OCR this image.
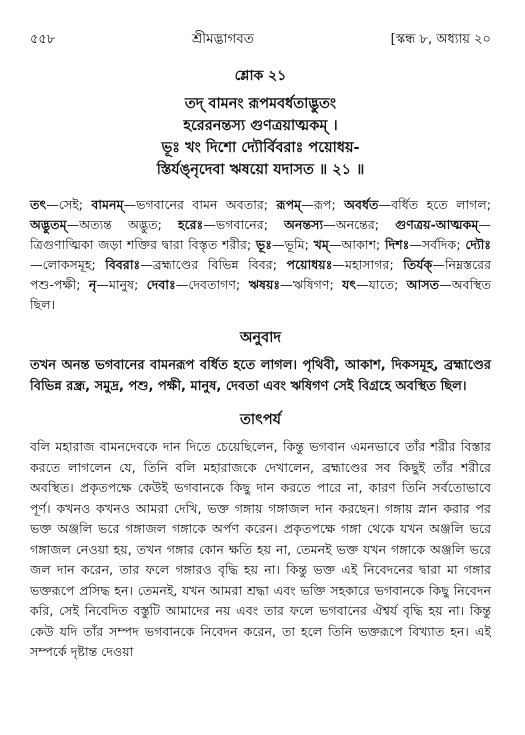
৫৫৮	শ্রীমদ্ভাগবত	[স্কন্ধ ৮, অধ্যায় ২০
শ্লোক ২১
তদ্ বামনং রূপমবর্ধতাদ্ভুতং
হরেরনন্তস্য গুণত্রয়াত্মকম্ ।
ভূঃ খং দিশো দ্যৌর্বিবরাঃ পয়োধয়-
স্তির্যঙ্‌নৃদেবা ঋষয়ো যদাসত ॥ ২১ ॥
তৎ—সেই; বামনম্—ভগবানের বামন অবতার; রূপম্—রূপ; অবর্ধত—বর্ধিত হতে লাগল; অদ্ভুতম্—অত্যন্ত অদ্ভুত; হরেঃ—ভগবানের; অনন্তস্য—অনন্তের; গুণত্রয়-আত্মকম্—ত্রিগুণাত্মিকা জড়া শক্তির দ্বারা বিস্তৃত শরীর; ভূঃ—ভূমি; খম্—আকাশ; দিশঃ—সর্বদিক; দ্যৌঃ—লোকসমূহ; বিবরাঃ—ব্রহ্মাণ্ডের বিভিন্ন বিবর; পয়োধয়ঃ—মহাসাগর; তির্যক্—নিম্নস্তরের পশু-পক্ষী; নৃ—মানুষ; দেবাঃ—দেবতাগণ; ঋষয়ঃ—ঋষিগণ; যৎ—যাতে; আসত—অবস্থিত ছিল।
অনুবাদ
তখন অনন্ত ভগবানের বামনরূপ বর্ধিত হতে লাগল। পৃথিবী, আকাশ, দিকসমূহ, ব্রহ্মাণ্ডের বিভিন্ন রন্ধ্র, সমুদ্র, পশু, পক্ষী, মানুষ, দেবতা এবং ঋষিগণ সেই বিগ্রহে অবস্থিত ছিল।
তাৎপর্য
বলি মহারাজ বামনদেবকে দান দিতে চেয়েছিলেন, কিন্তু ভগবান এমনভাবে তাঁর শরীর বিস্তার করতে লাগলেন যে, তিনি বলি মহারাজকে দেখালেন, ব্রহ্মাণ্ডের সব কিছুই তাঁর শরীরে অবস্থিত। প্রকৃতপক্ষে কেউই ভগবানকে কিছু দান করতে পারে না, কারণ তিনি সর্বতোভাবে পূর্ণ। কখনও কখনও আমরা দেখি, ভক্ত গঙ্গায় গঙ্গাজল দান করছেন। গঙ্গায় স্নান করার পর ভক্ত অঞ্জলি ভরে গঙ্গাজল গঙ্গাকে অর্পণ করেন। প্রকৃতপক্ষে গঙ্গা থেকে যখন অঞ্জলি ভরে গঙ্গাজল নেওয়া হয়, তখন গঙ্গার কোন ক্ষতি হয় না, তেমনই ভক্ত যখন গঙ্গাকে অঞ্জলি ভরে জল দান করেন, তার ফলে গঙ্গারও বৃদ্ধি হয় না। কিন্তু ভক্ত এই নিবেদনের দ্বারা মা গঙ্গার ভক্তরূপে প্রসিদ্ধ হন। তেমনই, যখন আমরা শ্রদ্ধা এবং ভক্তি সহকারে ভগবানকে কিছু নিবেদন করি, সেই নিবেদিত বস্তুটি আমাদের নয় এবং তার ফলে ভগবানের ঐশ্বর্য বৃদ্ধি হয় না। কিন্তু কেউ যদি তাঁর সম্পদ ভগবানকে নিবেদন করেন, তা হলে তিনি ভক্তরূপে বিখ্যাত হন। এই সম্পর্কে দৃষ্টান্ত দেওয়া
